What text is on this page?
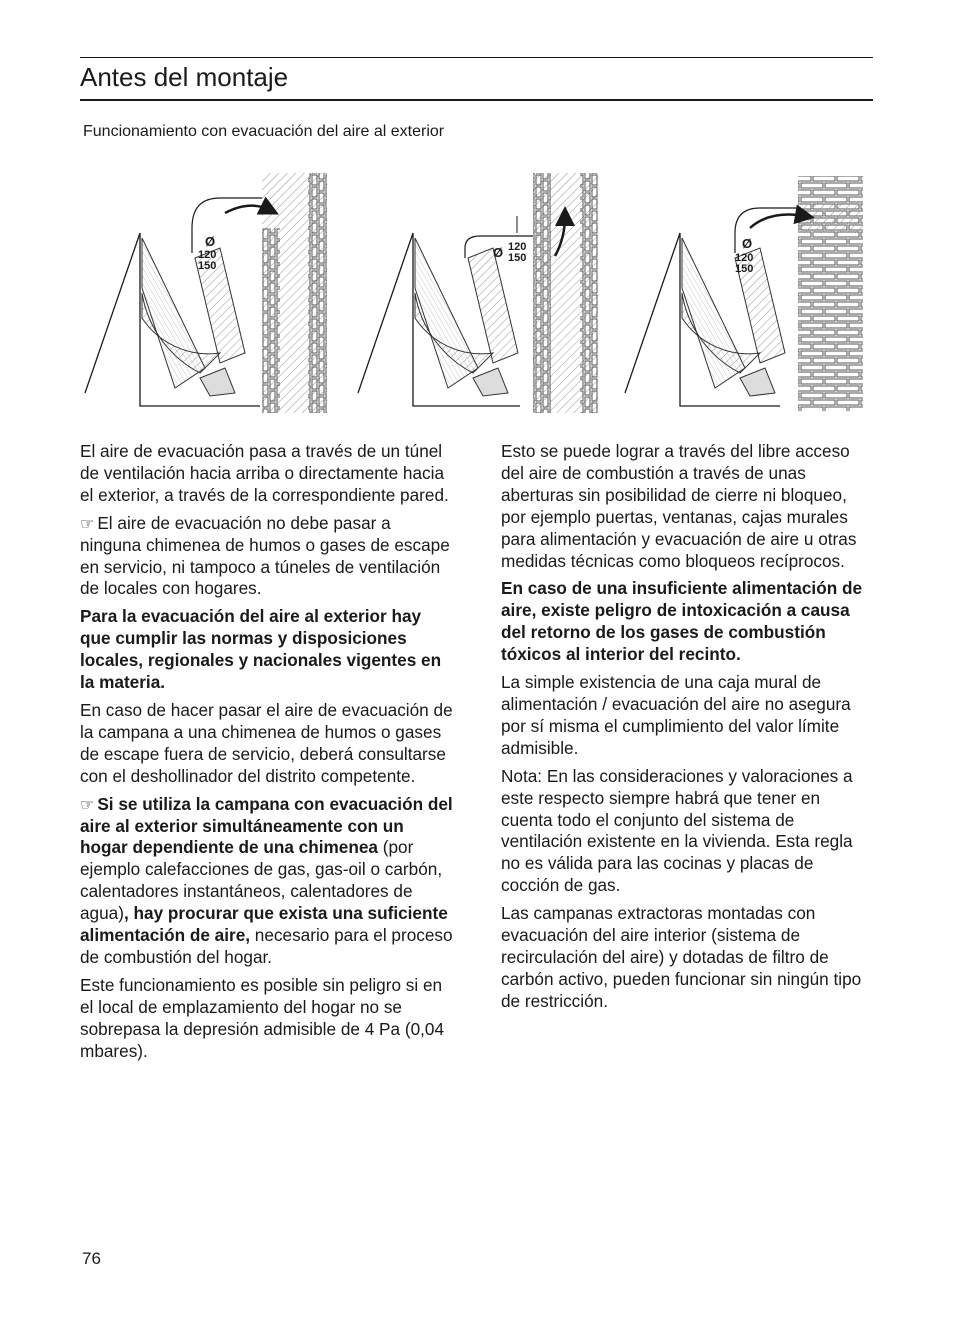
Antes del montaje
Funcionamiento con evacuación del aire al exterior
Ø
120
150
Ø 120
150
Ø
120
150

El aire de evacuación pasa a través de un túnel de ventilación hacia arriba o directamente hacia el exterior, a través de la correspondiente pared.

☞ El aire de evacuación no debe pasar a ninguna chimenea de humos o gases de escape en servicio, ni tampoco a túneles de ventilación de locales con hogares.

Para la evacuación del aire al exterior hay que cumplir las normas y disposiciones locales, regionales y nacionales vigentes en la materia.

En caso de hacer pasar el aire de evacuación de la campana a una chimenea de humos o gases de escape fuera de servicio, deberá consultarse con el deshollinador del distrito competente.

☞ Si se utiliza la campana con evacuación del aire al exterior simultáneamente con un hogar dependiente de una chimenea (por ejemplo calefacciones de gas, gas-oil o carbón, calentadores instantáneos, calentadores de agua), hay procurar que exista una suficiente alimentación de aire, necesario para el proceso de combustión del hogar.

Este funcionamiento es posible sin peligro si en el local de emplazamiento del hogar no se sobrepasa la depresión admisible de 4 Pa (0,04 mbares).

Esto se puede lograr a través del libre acceso del aire de combustión a través de unas aberturas sin posibilidad de cierre ni bloqueo, por ejemplo puertas, ventanas, cajas murales para alimentación y evacuación de aire u otras medidas técnicas como bloqueos recíprocos.

En caso de una insuficiente alimentación de aire, existe peligro de intoxicación a causa del retorno de los gases de combustión tóxicos al interior del recinto.

La simple existencia de una caja mural de alimentación / evacuación del aire no asegura por sí misma el cumplimiento del valor límite admisible.

Nota: En las consideraciones y valoraciones a este respecto siempre habrá que tener en cuenta todo el conjunto del sistema de ventilación existente en la vivienda. Esta regla no es válida para las cocinas y placas de cocción de gas.

Las campanas extractoras montadas con evacuación del aire interior (sistema de recirculación del aire) y dotadas de filtro de carbón activo, pueden funcionar sin ningún tipo de restricción.

76
